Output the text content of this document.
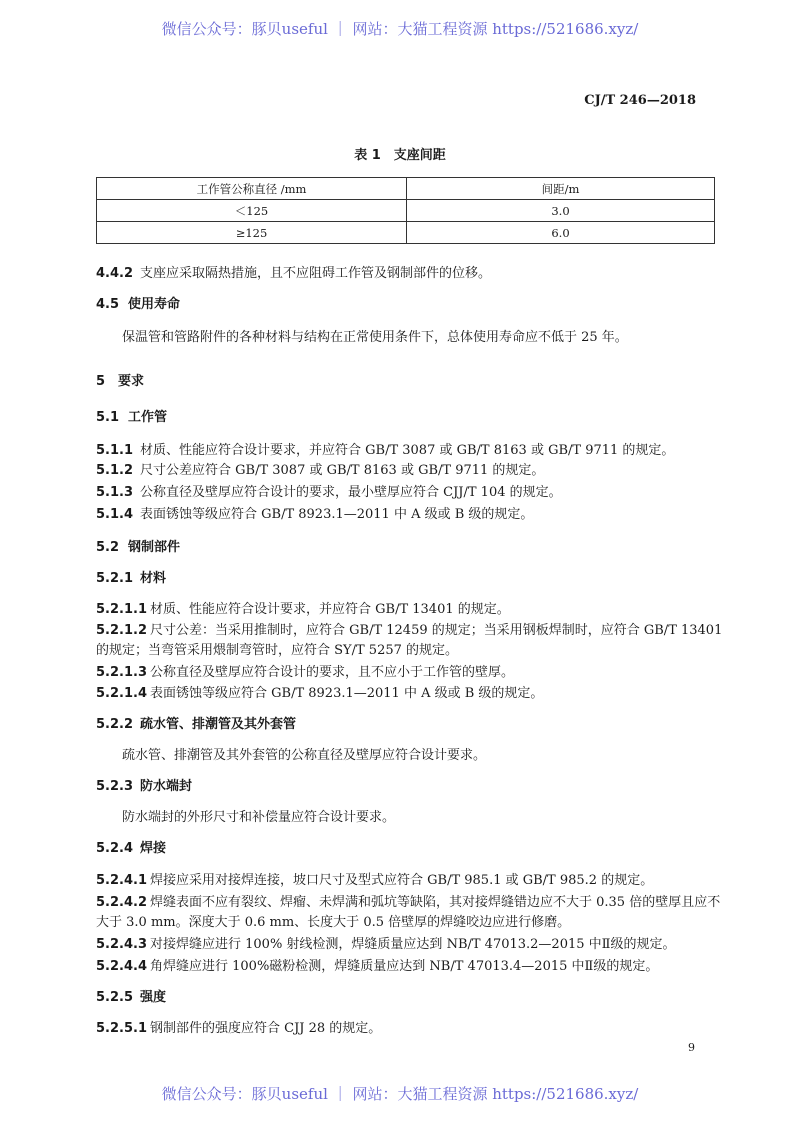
微信公众号：豚贝useful ｜ 网站：大猫工程资源 https://521686.xyz/
CJ/T 246—2018
表 1　支座间距
工作管公称直径 /mm	间距/m
＜125	3.0
≥125	6.0
4.4.2 支座应采取隔热措施，且不应阻碍工作管及钢制部件的位移。
4.5 使用寿命
保温管和管路附件的各种材料与结构在正常使用条件下，总体使用寿命应不低于 25 年。
5 要求
5.1 工作管
5.1.1 材质、性能应符合设计要求，并应符合 GB/T 3087 或 GB/T 8163 或 GB/T 9711 的规定。
5.1.2 尺寸公差应符合 GB/T 3087 或 GB/T 8163 或 GB/T 9711 的规定。
5.1.3 公称直径及壁厚应符合设计的要求，最小壁厚应符合 CJJ/T 104 的规定。
5.1.4 表面锈蚀等级应符合 GB/T 8923.1—2011 中 A 级或 B 级的规定。
5.2 钢制部件
5.2.1 材料
5.2.1.1 材质、性能应符合设计要求，并应符合 GB/T 13401 的规定。
5.2.1.2 尺寸公差：当采用推制时，应符合 GB/T 12459 的规定；当采用钢板焊制时，应符合 GB/T 13401的规定；当弯管采用煨制弯管时，应符合 SY/T 5257 的规定。
5.2.1.3 公称直径及壁厚应符合设计的要求，且不应小于工作管的壁厚。
5.2.1.4 表面锈蚀等级应符合 GB/T 8923.1—2011 中 A 级或 B 级的规定。
5.2.2 疏水管、排潮管及其外套管
疏水管、排潮管及其外套管的公称直径及壁厚应符合设计要求。
5.2.3 防水端封
防水端封的外形尺寸和补偿量应符合设计要求。
5.2.4 焊接
5.2.4.1 焊接应采用对接焊连接，坡口尺寸及型式应符合 GB/T 985.1 或 GB/T 985.2 的规定。
5.2.4.2 焊缝表面不应有裂纹、焊瘤、未焊满和弧坑等缺陷，其对接焊缝错边应不大于 0.35 倍的壁厚且应不大于 3.0 mm。深度大于 0.6 mm、长度大于 0.5 倍壁厚的焊缝咬边应进行修磨。
5.2.4.3 对接焊缝应进行 100% 射线检测，焊缝质量应达到 NB/T 47013.2—2015 中Ⅱ级的规定。
5.2.4.4 角焊缝应进行 100%磁粉检测，焊缝质量应达到 NB/T 47013.4—2015 中Ⅱ级的规定。
5.2.5 强度
5.2.5.1 钢制部件的强度应符合 CJJ 28 的规定。
9
微信公众号：豚贝useful ｜ 网站：大猫工程资源 https://521686.xyz/
